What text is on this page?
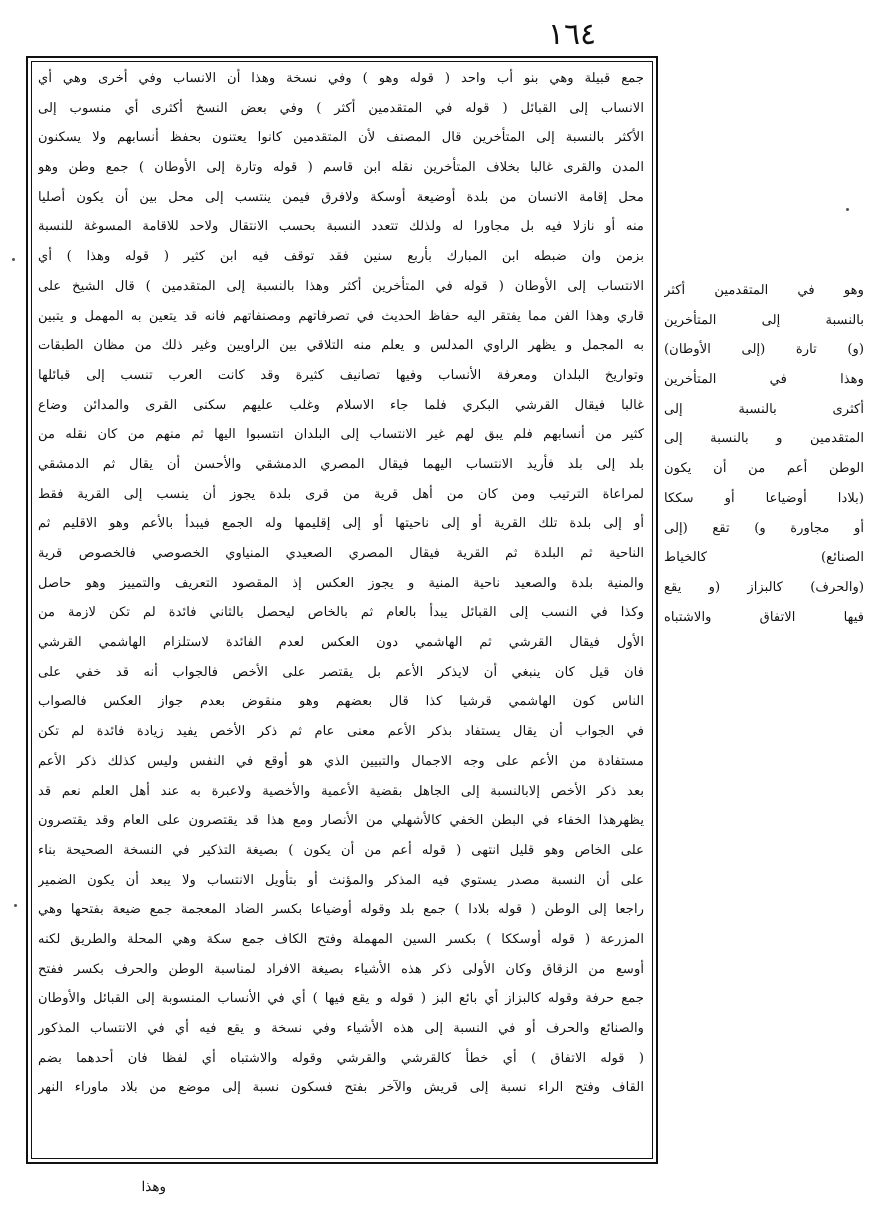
١٦٤
جمع قبيلة وهي بنو أب واحد ( قوله وهو ) وفي نسخة وهذا أن الانساب وفي أخرى وهي أي
الانساب إلى القبائل ( قوله في المتقدمين أكثر ) وفي بعض النسخ أكثرى أي منسوب إلى
الأكثر بالنسبة إلى المتأخرين قال المصنف لأن المتقدمين كانوا يعتنون بحفظ أنسابهم ولا يسكنون
المدن والقرى غالبا بخلاف المتأخرين نقله ابن قاسم ( قوله وتارة إلى الأوطان ) جمع وطن وهو
محل إقامة الانسان من بلدة أوضيعة أوسكة ولافرق فيمن ينتسب إلى محل بين أن يكون أصليا
منه أو نازلا فيه بل مجاورا له ولذلك تتعدد النسبة بحسب الانتقال ولاحد للاقامة المسوغة للنسبة
بزمن وان ضبطه ابن المبارك بأربع سنين فقد توقف فيه ابن كثير ( قوله وهذا ) أي
الانتساب إلى الأوطان ( قوله في المتأخرين أكثر وهذا بالنسبة إلى المتقدمين ) قال الشيخ على
قاري وهذا الفن مما يفتقر اليه حفاظ الحديث في تصرفاتهم ومصنفاتهم فانه قد يتعين به المهمل و يتبين
به المجمل و يظهر الراوي المدلس و يعلم منه التلاقي بين الراويين وغير ذلك من مظان الطبقات
وتواريخ البلدان ومعرفة الأنساب وفيها تصانيف كثيرة وقد كانت العرب تنسب إلى قبائلها
غالبا فيقال القرشي البكري فلما جاء الاسلام وغلب عليهم سكنى القرى والمدائن وضاع
كثير من أنسابهم فلم يبق لهم غير الانتساب إلى البلدان انتسبوا اليها ثم منهم من كان نقله من
بلد إلى بلد فأريد الانتساب اليهما فيقال المصري الدمشقي والأحسن أن يقال ثم الدمشقي
لمراعاة الترتيب ومن كان من أهل قرية من قرى بلدة يجوز أن ينسب إلى القرية فقط
أو إلى بلدة تلك القرية أو إلى ناحيتها أو إلى إقليمها وله الجمع فيبدأ بالأعم وهو الاقليم ثم
الناحية ثم البلدة ثم القرية فيقال المصري الصعيدي المنياوي الخصوصي فالخصوص قرية
والمنية بلدة والصعيد ناحية المنية و يجوز العكس إذ المقصود التعريف والتمييز وهو حاصل
وكذا في النسب إلى القبائل يبدأ بالعام ثم بالخاص ليحصل بالثاني فائدة لم تكن لازمة من
الأول فيقال القرشي ثم الهاشمي دون العكس لعدم الفائدة لاستلزام الهاشمي القرشي
فان قيل كان ينبغي أن لايذكر الأعم بل يقتصر على الأخص فالجواب أنه قد خفي على
الناس كون الهاشمي قرشيا كذا قال بعضهم وهو منقوض بعدم جواز العكس فالصواب
في الجواب أن يقال يستفاد بذكر الأعم معنى عام ثم ذكر الأخص يفيد زيادة فائدة لم تكن
مستفادة من الأعم على وجه الاجمال والتبيين الذي هو أوقع في النفس وليس كذلك ذكر الأعم
بعد ذكر الأخص إلابالنسبة إلى الجاهل بقضية الأعمية والأخصية ولاعبرة به عند أهل العلم نعم قد
يظهرهذا الخفاء في البطن الخفي كالأشهلي من الأنصار ومع هذا قد يقتصرون على العام وقد يقتصرون
على الخاص وهو قليل انتهى ( قوله أعم من أن يكون ) بصيغة التذكير في النسخة الصحيحة بناء
على أن النسبة مصدر يستوي فيه المذكر والمؤنث أو بتأويل الانتساب ولا يبعد أن يكون الضمير
راجعا إلى الوطن ( قوله بلادا ) جمع بلد وقوله أوضياعا بكسر الضاد المعجمة جمع ضيعة بفتحها وهي
المزرعة ( قوله أوسككا ) بكسر السين المهملة وفتح الكاف جمع سكة وهي المحلة والطريق لكنه
أوسع من الزقاق وكان الأولى ذكر هذه الأشياء بصيغة الافراد لمناسبة الوطن والحرف بكسر ففتح
جمع حرفة وقوله كالبزاز أي بائع البز ( قوله و يقع فيها ) أي في الأنساب المنسوبة إلى القبائل والأوطان
والصنائع والحرف أو في النسبة إلى هذه الأشياء وفي نسخة و يقع فيه أي في الانتساب المذكور
( قوله الاتفاق ) أي خطأ كالقرشي والقرشي وقوله والاشتباه أي لفظا فان أحدهما بضم
القاف وفتح الراء نسبة إلى قريش والآخر بفتح فسكون نسبة إلى موضع من بلاد ماوراء النهر
وهو في المتقدمين أكثر
بالنسبة إلى المتأخرين
(و) تارة (إلى الأوطان)
وهذا في المتأخرين
أكثرى بالنسبة إلى
المتقدمين و بالنسبة إلى
الوطن أعم من أن يكون
(بلادا أوضياعا أو سككا
أو مجاورة و) تقع (إلى
الصنائع) كالخياط
(والحرف) كالبزاز (و يقع
فيها الاتفاق والاشتباه
وهذا
